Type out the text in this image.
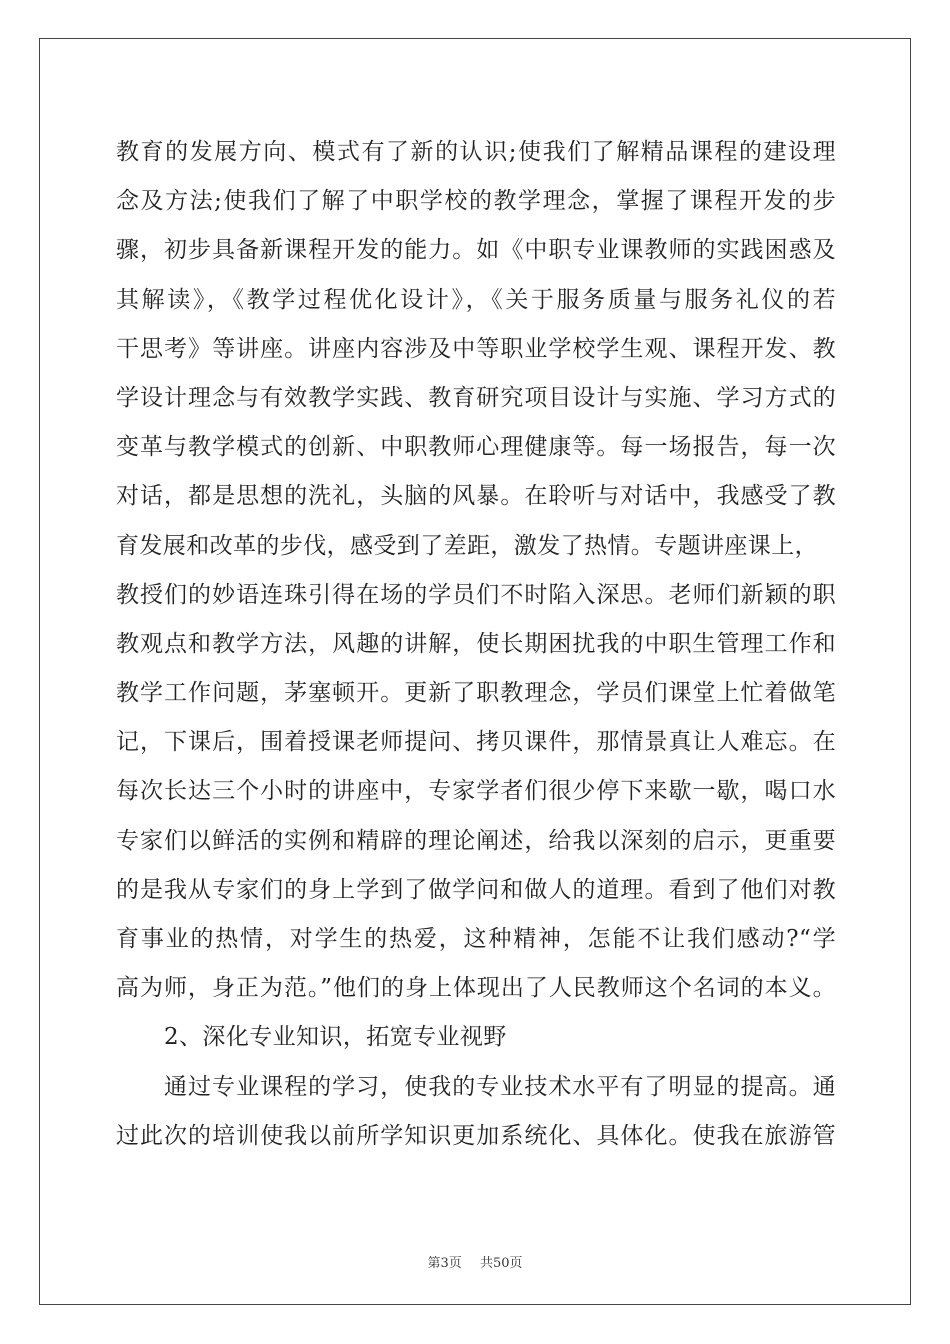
教育的发展方向、模式有了新的认识;使我们了解精品课程的建设理
念及方法;使我们了解了中职学校的教学理念，掌握了课程开发的步
骤，初步具备新课程开发的能力。如《中职专业课教师的实践困惑及
其解读》，《教学过程优化设计》，《关于服务质量与服务礼仪的若
干思考》等讲座。讲座内容涉及中等职业学校学生观、课程开发、教
学设计理念与有效教学实践、教育研究项目设计与实施、学习方式的
变革与教学模式的创新、中职教师心理健康等。每一场报告，每一次
对话，都是思想的洗礼，头脑的风暴。在聆听与对话中，我感受了教
育发展和改革的步伐，感受到了差距，激发了热情。专题讲座课上，
教授们的妙语连珠引得在场的学员们不时陷入深思。老师们新颖的职
教观点和教学方法，风趣的讲解，使长期困扰我的中职生管理工作和
教学工作问题，茅塞顿开。更新了职教理念，学员们课堂上忙着做笔
记，下课后，围着授课老师提问、拷贝课件，那情景真让人难忘。在
每次长达三个小时的讲座中，专家学者们很少停下来歇一歇，喝口水
专家们以鲜活的实例和精辟的理论阐述，给我以深刻的启示，更重要
的是我从专家们的身上学到了做学问和做人的道理。看到了他们对教
育事业的热情，对学生的热爱，这种精神，怎能不让我们感动?“学
高为师，身正为范。”他们的身上体现出了人民教师这个名词的本义。
2、深化专业知识，拓宽专业视野
通过专业课程的学习，使我的专业技术水平有了明显的提高。通
过此次的培训使我以前所学知识更加系统化、具体化。使我在旅游管
第3页 共50页
